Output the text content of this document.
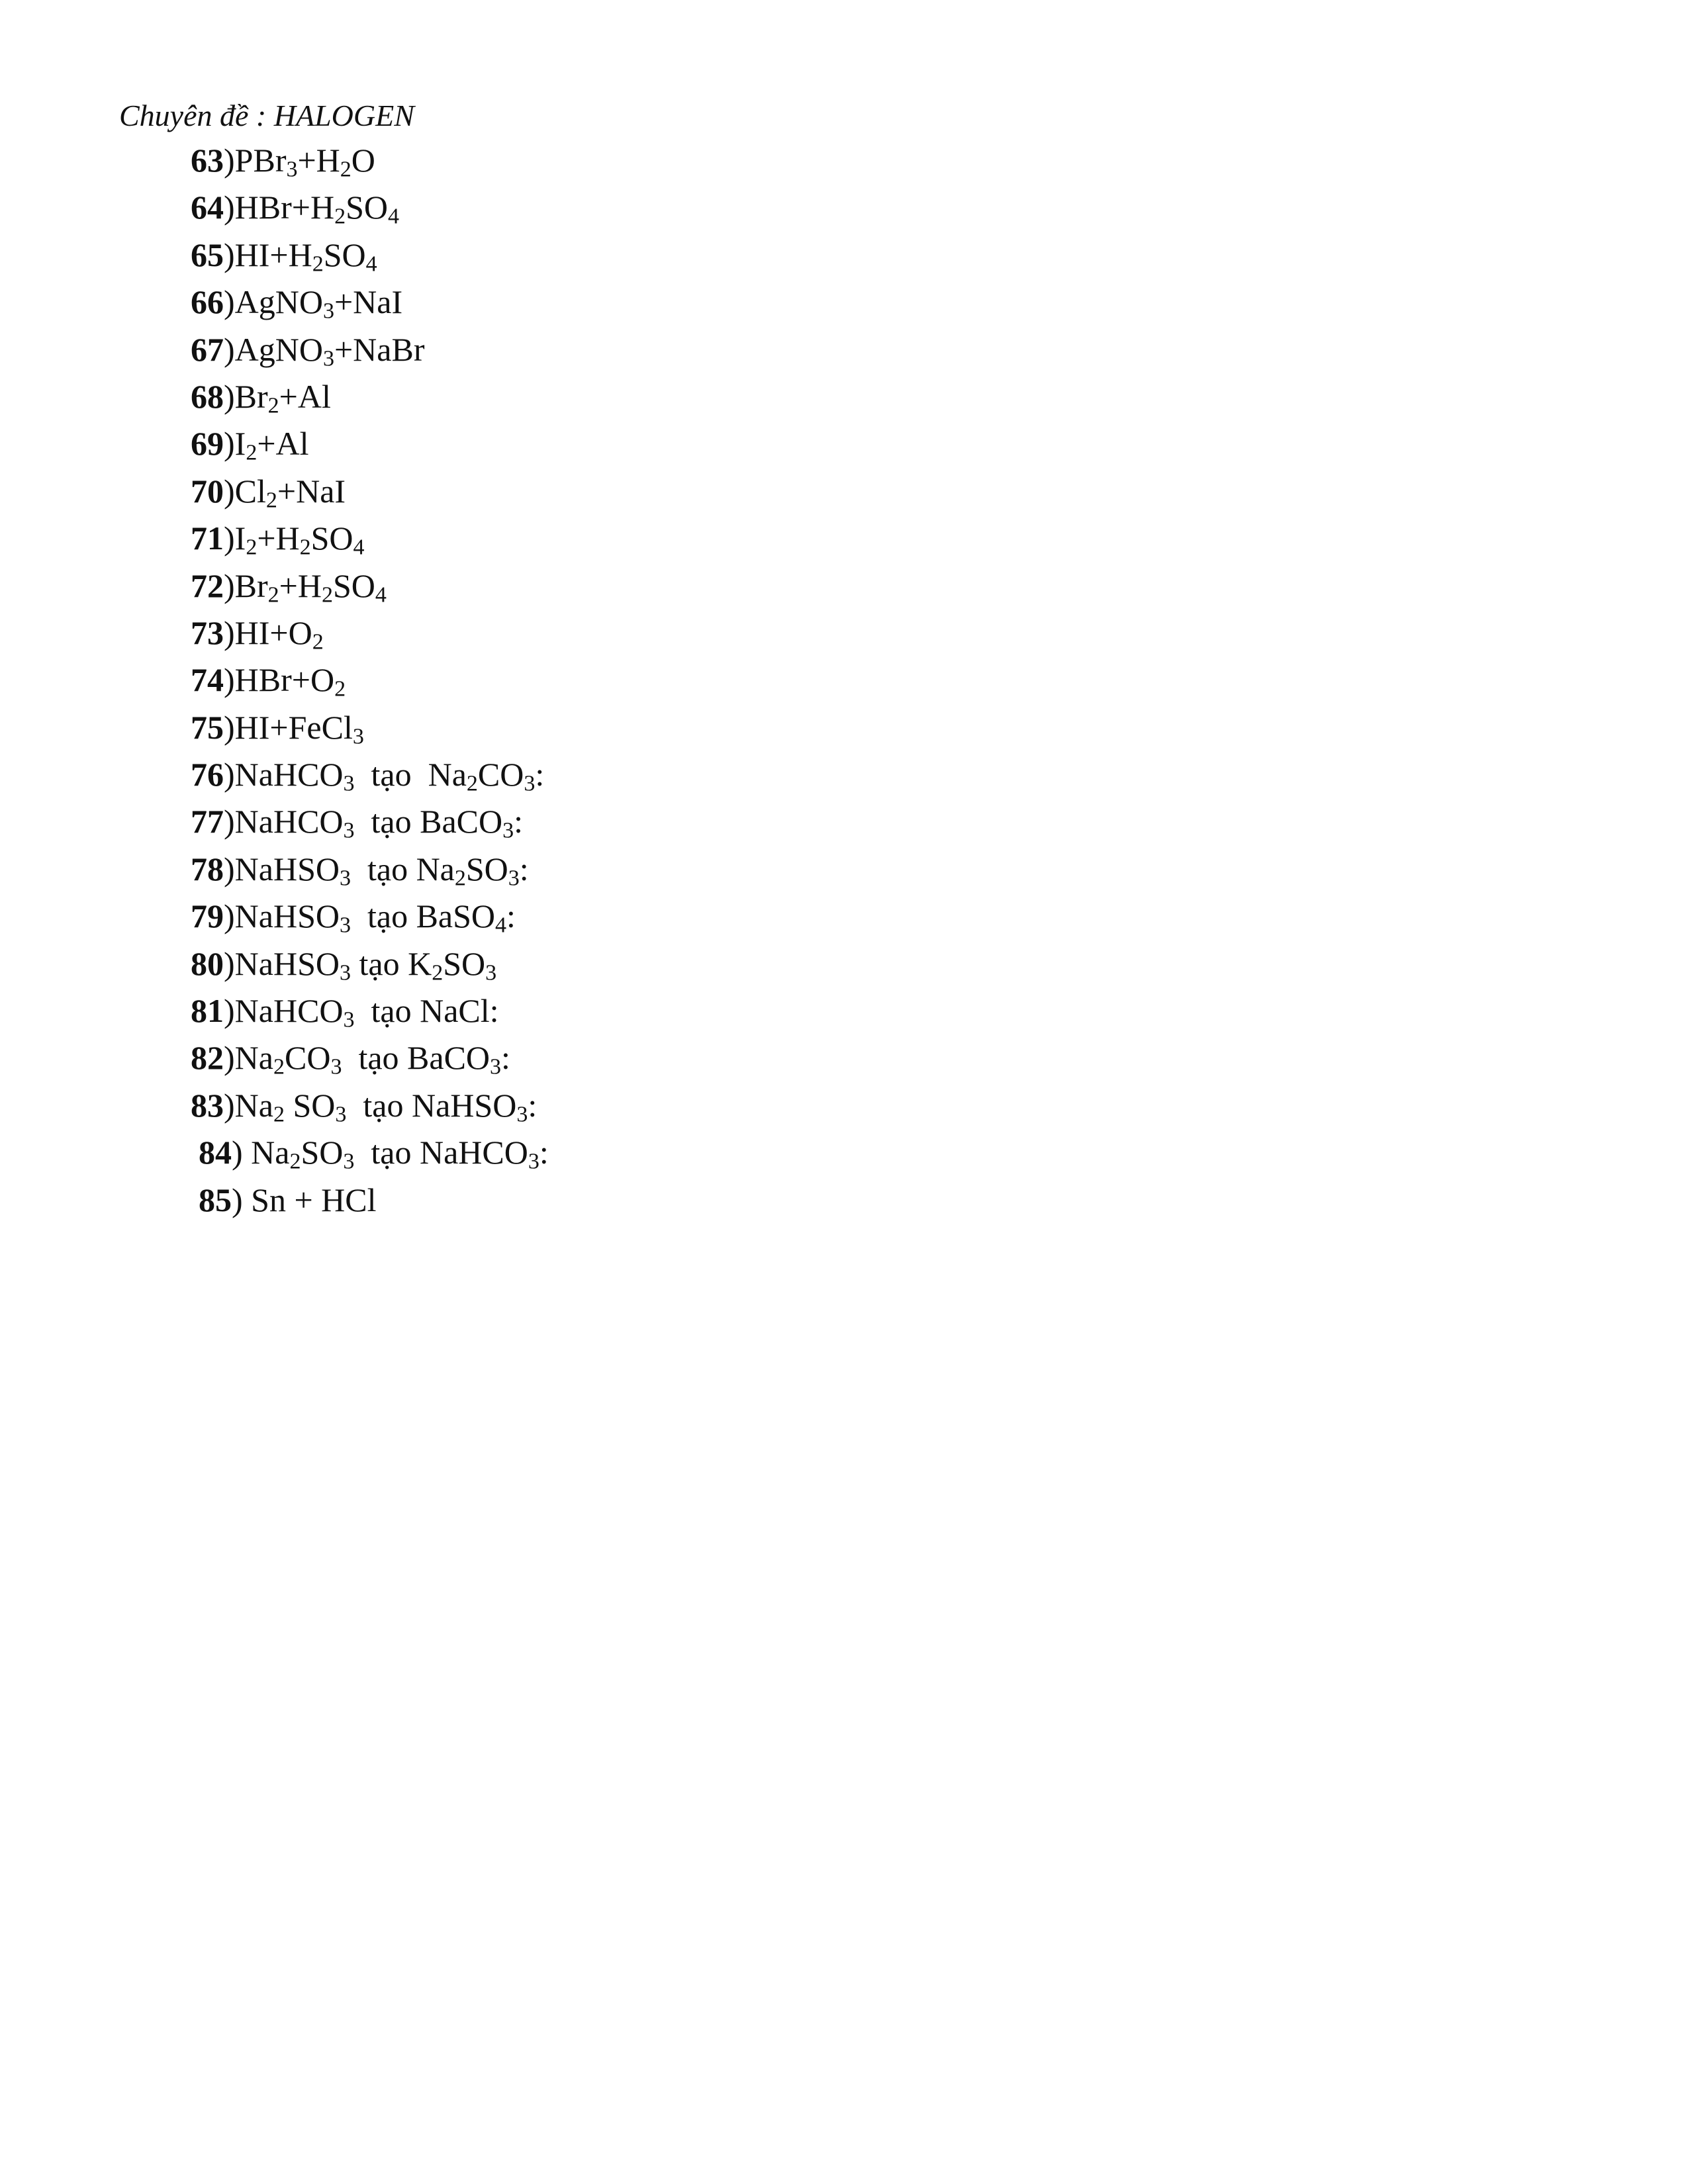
Chuyên đề : HALOGEN
$63)PBr_3+H_2O$
$64)HBr+H_2SO_4$
$65)HI+H_2SO_4$
66)AgNO$_3$+NaI
67)AgNO$_3$+NaBr
$68)Br_2+Al$
$69)I_2+Al$
$70)Cl_2+NaI$
$71)I_2+H_2SO_4$
$72)Br_2+H_2SO_4$
$73)HI+O_2$
$74)HBr+O_2$
75)HI+FeCl$_3$
76)NaHCO$_3$  tạo  $Na_2CO_3$:
77)NaHCO$_3$  tạo BaCO$_3$:
78)NaHSO$_3$  tạo $Na_2SO_3$:
79)NaHSO$_3$  tạo BaSO$_4$:
80)NaHSO$_3$ tạo $K_2SO_3$
81)NaHCO$_3$  tạo NaCl:
$82)Na_2CO_3$  tạo BaCO$_3$:
$83)Na_2$ $SO_3$  tạo NaHSO$_3$:
84) $Na_2SO_3$  tạo NaHCO$_3$:
85) Sn + HCl
